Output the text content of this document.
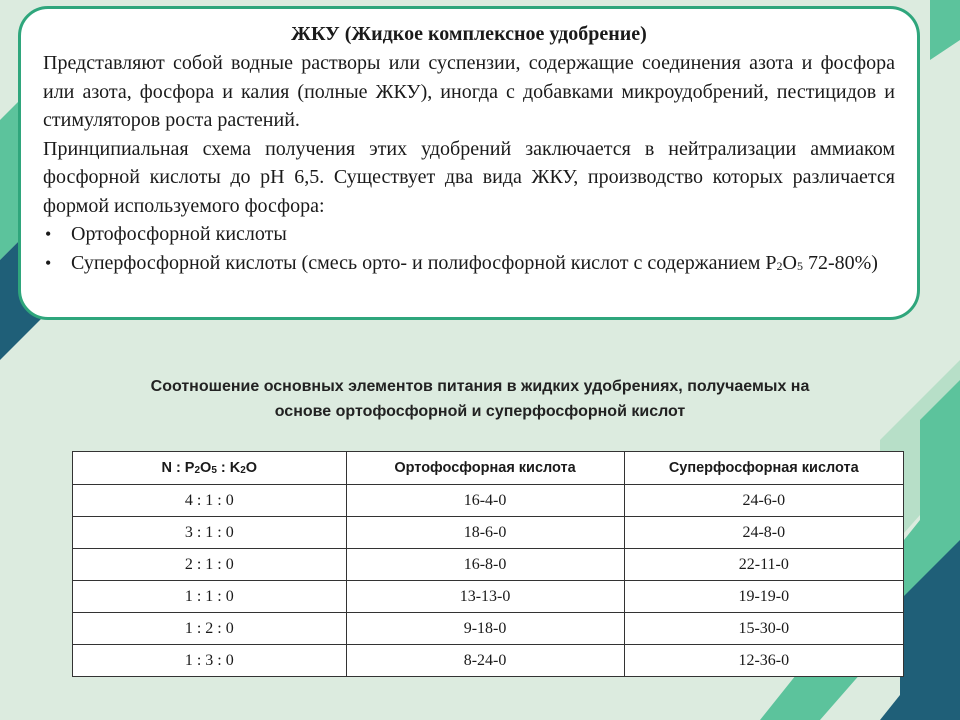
ЖКУ (Жидкое комплексное удобрение)

Представляют собой водные растворы или суспензии, содержащие соединения азота и фосфора или азота, фосфора и калия (полные ЖКУ), иногда с добавками микроудобрений, пестицидов и стимуляторов роста растений.

Принципиальная схема получения этих удобрений заключается в нейтрализации аммиаком фосфорной кислоты до pH 6,5. Существует два вида ЖКУ, производство которых различается формой используемого фосфора:

• Ортофосфорной кислоты
• Суперфосфорной кислоты (смесь орто- и полифосфорной кислот с содержанием P2O5 72-80%)
Соотношение основных элементов питания в жидких удобрениях, получаемых на
основе ортофосфорной и суперфосфорной кислот
N : P2O5 : K2O	Ортофосфорная кислота	Суперфосфорная кислота
4 : 1 : 0	16-4-0	24-6-0
3 : 1 : 0	18-6-0	24-8-0
2 : 1 : 0	16-8-0	22-11-0
1 : 1 : 0	13-13-0	19-19-0
1 : 2 : 0	9-18-0	15-30-0
1 : 3 : 0	8-24-0	12-36-0
